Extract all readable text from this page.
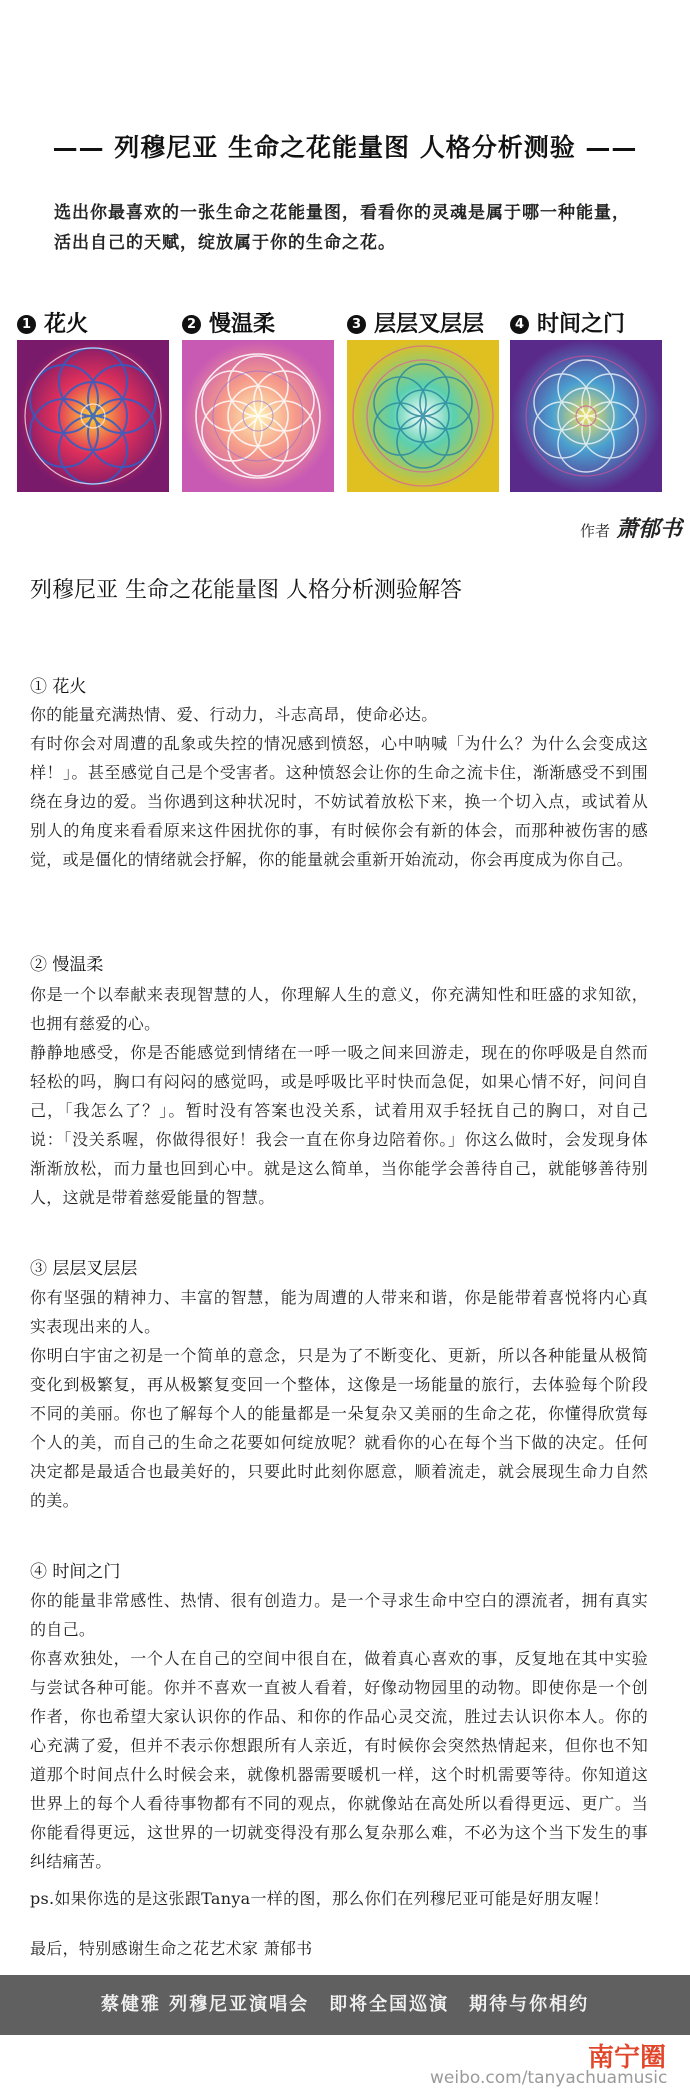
—— 列穆尼亚 生命之花能量图 人格分析测验 ——
选出你最喜欢的一张生命之花能量图，看看你的灵魂是属于哪一种能量，
活出自己的天赋，绽放属于你的生命之花。
1 花火	2 慢温柔	3 层层叉层层	4 时间之门
作者 萧郁书
列穆尼亚 生命之花能量图 人格分析测验解答
① 花火
你的能量充满热情、爱、行动力，斗志高昂，使命必达。
有时你会对周遭的乱象或失控的情况感到愤怒，心中呐喊「为什么？为什么会变成这样！」。甚至感觉自己是个受害者。这种愤怒会让你的生命之流卡住，渐渐感受不到围绕在身边的爱。当你遇到这种状况时，不妨试着放松下来，换一个切入点，或试着从别人的角度来看看原来这件困扰你的事，有时候你会有新的体会，而那种被伤害的感觉，或是僵化的情绪就会抒解，你的能量就会重新开始流动，你会再度成为你自己。
② 慢温柔
你是一个以奉献来表现智慧的人，你理解人生的意义，你充满知性和旺盛的求知欲，也拥有慈爱的心。
静静地感受，你是否能感觉到情绪在一呼一吸之间来回游走，现在的你呼吸是自然而轻松的吗，胸口有闷闷的感觉吗，或是呼吸比平时快而急促，如果心情不好，问问自己，「我怎么了？」。暂时没有答案也没关系，试着用双手轻抚自己的胸口，对自己说：「没关系喔，你做得很好！我会一直在你身边陪着你。」你这么做时，会发现身体渐渐放松，而力量也回到心中。就是这么简单，当你能学会善待自己，就能够善待别人，这就是带着慈爱能量的智慧。
③ 层层叉层层
你有坚强的精神力、丰富的智慧，能为周遭的人带来和谐，你是能带着喜悦将内心真实表现出来的人。
你明白宇宙之初是一个简单的意念，只是为了不断变化、更新，所以各种能量从极简变化到极繁复，再从极繁复变回一个整体，这像是一场能量的旅行，去体验每个阶段不同的美丽。你也了解每个人的能量都是一朵复杂又美丽的生命之花，你懂得欣赏每个人的美，而自己的生命之花要如何绽放呢？就看你的心在每个当下做的决定。任何决定都是最适合也最美好的，只要此时此刻你愿意，顺着流走，就会展现生命力自然的美。
④ 时间之门
你的能量非常感性、热情、很有创造力。是一个寻求生命中空白的漂流者，拥有真实的自己。
你喜欢独处，一个人在自己的空间中很自在，做着真心喜欢的事，反复地在其中实验与尝试各种可能。你并不喜欢一直被人看着，好像动物园里的动物。即使你是一个创作者，你也希望大家认识你的作品、和你的作品心灵交流，胜过去认识你本人。你的心充满了爱，但并不表示你想跟所有人亲近，有时候你会突然热情起来，但你也不知道那个时间点什么时候会来，就像机器需要暖机一样，这个时机需要等待。你知道这世界上的每个人看待事物都有不同的观点，你就像站在高处所以看得更远、更广。当你能看得更远，这世界的一切就变得没有那么复杂那么难，不必为这个当下发生的事纠结痛苦。
ps.如果你选的是这张跟Tanya一样的图，那么你们在列穆尼亚可能是好朋友喔！
最后，特别感谢生命之花艺术家 萧郁书
蔡健雅 列穆尼亚演唱会　即将全国巡演　期待与你相约
南宁圈
weibo.com/tanyachuamusic
